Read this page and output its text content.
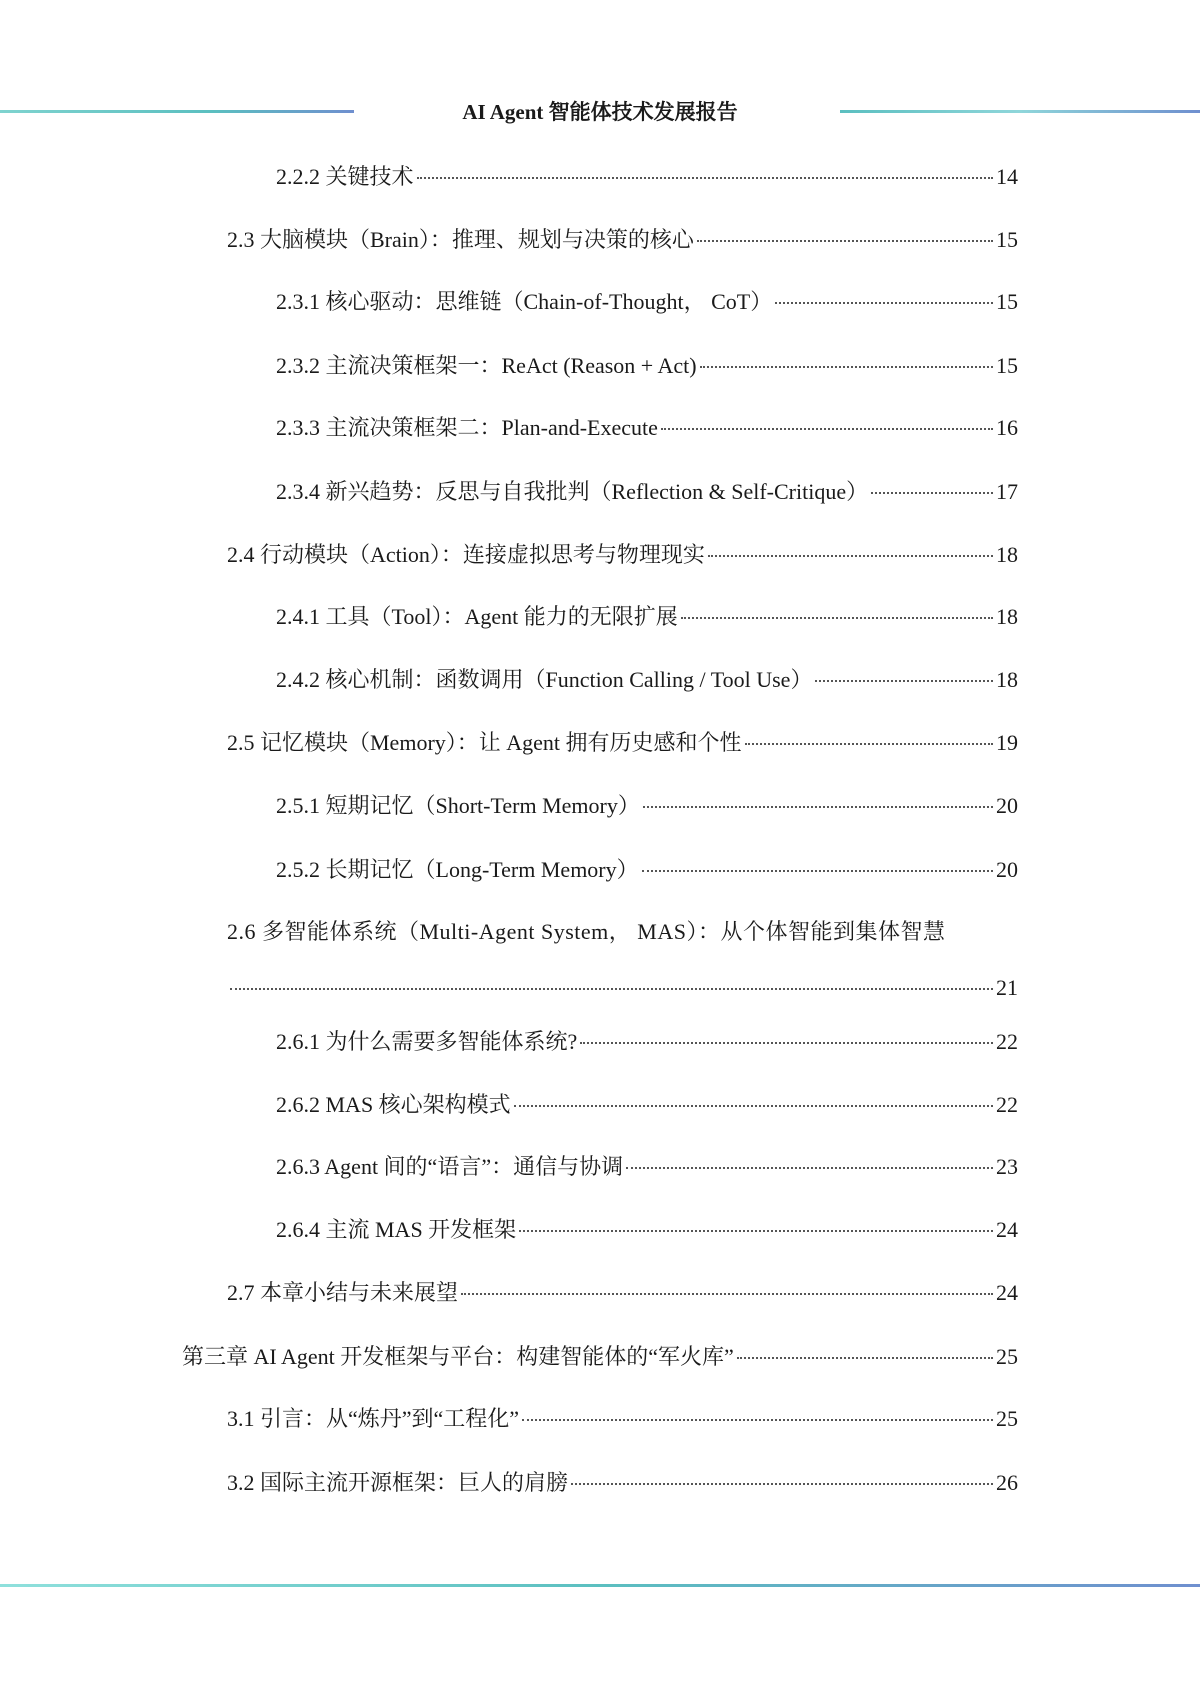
AI Agent 智能体技术发展报告
2.2.2 关键技术	14
2.3 大脑模块（Brain）：推理、规划与决策的核心	15
2.3.1 核心驱动：思维链（Chain-of-Thought， CoT）	15
2.3.2 主流决策框架一：ReAct (Reason + Act)	15
2.3.3 主流决策框架二：Plan-and-Execute	16
2.3.4 新兴趋势：反思与自我批判（Reflection & Self-Critique）	17
2.4 行动模块（Action）：连接虚拟思考与物理现实	18
2.4.1 工具（Tool）：Agent 能力的无限扩展	18
2.4.2 核心机制：函数调用（Function Calling / Tool Use）	18
2.5 记忆模块（Memory）：让 Agent 拥有历史感和个性	19
2.5.1 短期记忆（Short-Term Memory）	20
2.5.2 长期记忆（Long-Term Memory）	20
2.6 多智能体系统（Multi-Agent System， MAS）：从个体智能到集体智慧
21
2.6.1 为什么需要多智能体系统?	22
2.6.2 MAS 核心架构模式	22
2.6.3 Agent 间的“语言”：通信与协调	23
2.6.4 主流 MAS 开发框架	24
2.7 本章小结与未来展望	24
第三章 AI Agent 开发框架与平台：构建智能体的“军火库”	25
3.1 引言：从“炼丹”到“工程化”	25
3.2 国际主流开源框架：巨人的肩膀	26
